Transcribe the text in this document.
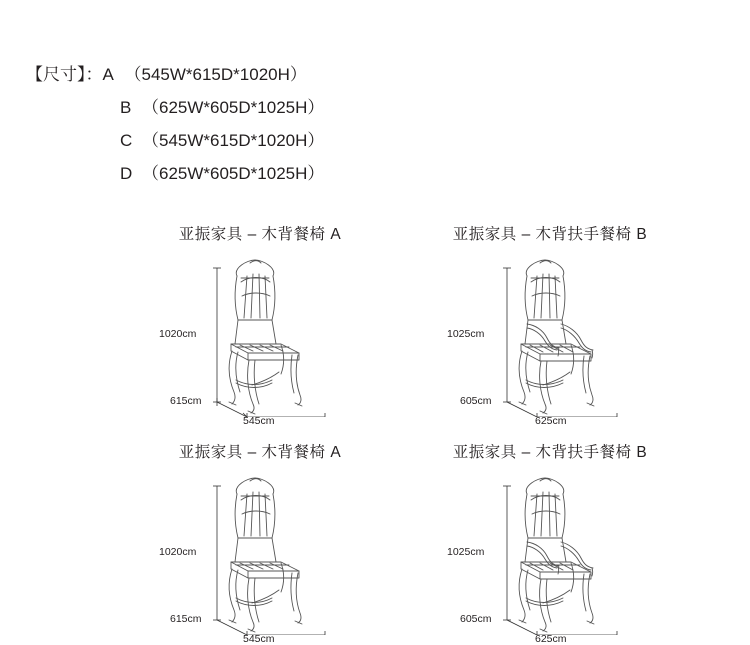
【尺寸】：A （545W*615D*1020H）
B （625W*605D*1025H）
C （545W*615D*1020H）
D （625W*605D*1025H）
亚振家具 – 木背餐椅 A
1020cm
615cm
545cm
亚振家具 – 木背扶手餐椅 B
1025cm
605cm
625cm
亚振家具 – 木背餐椅 A
1020cm
615cm
545cm
亚振家具 – 木背扶手餐椅 B
1025cm
605cm
625cm
